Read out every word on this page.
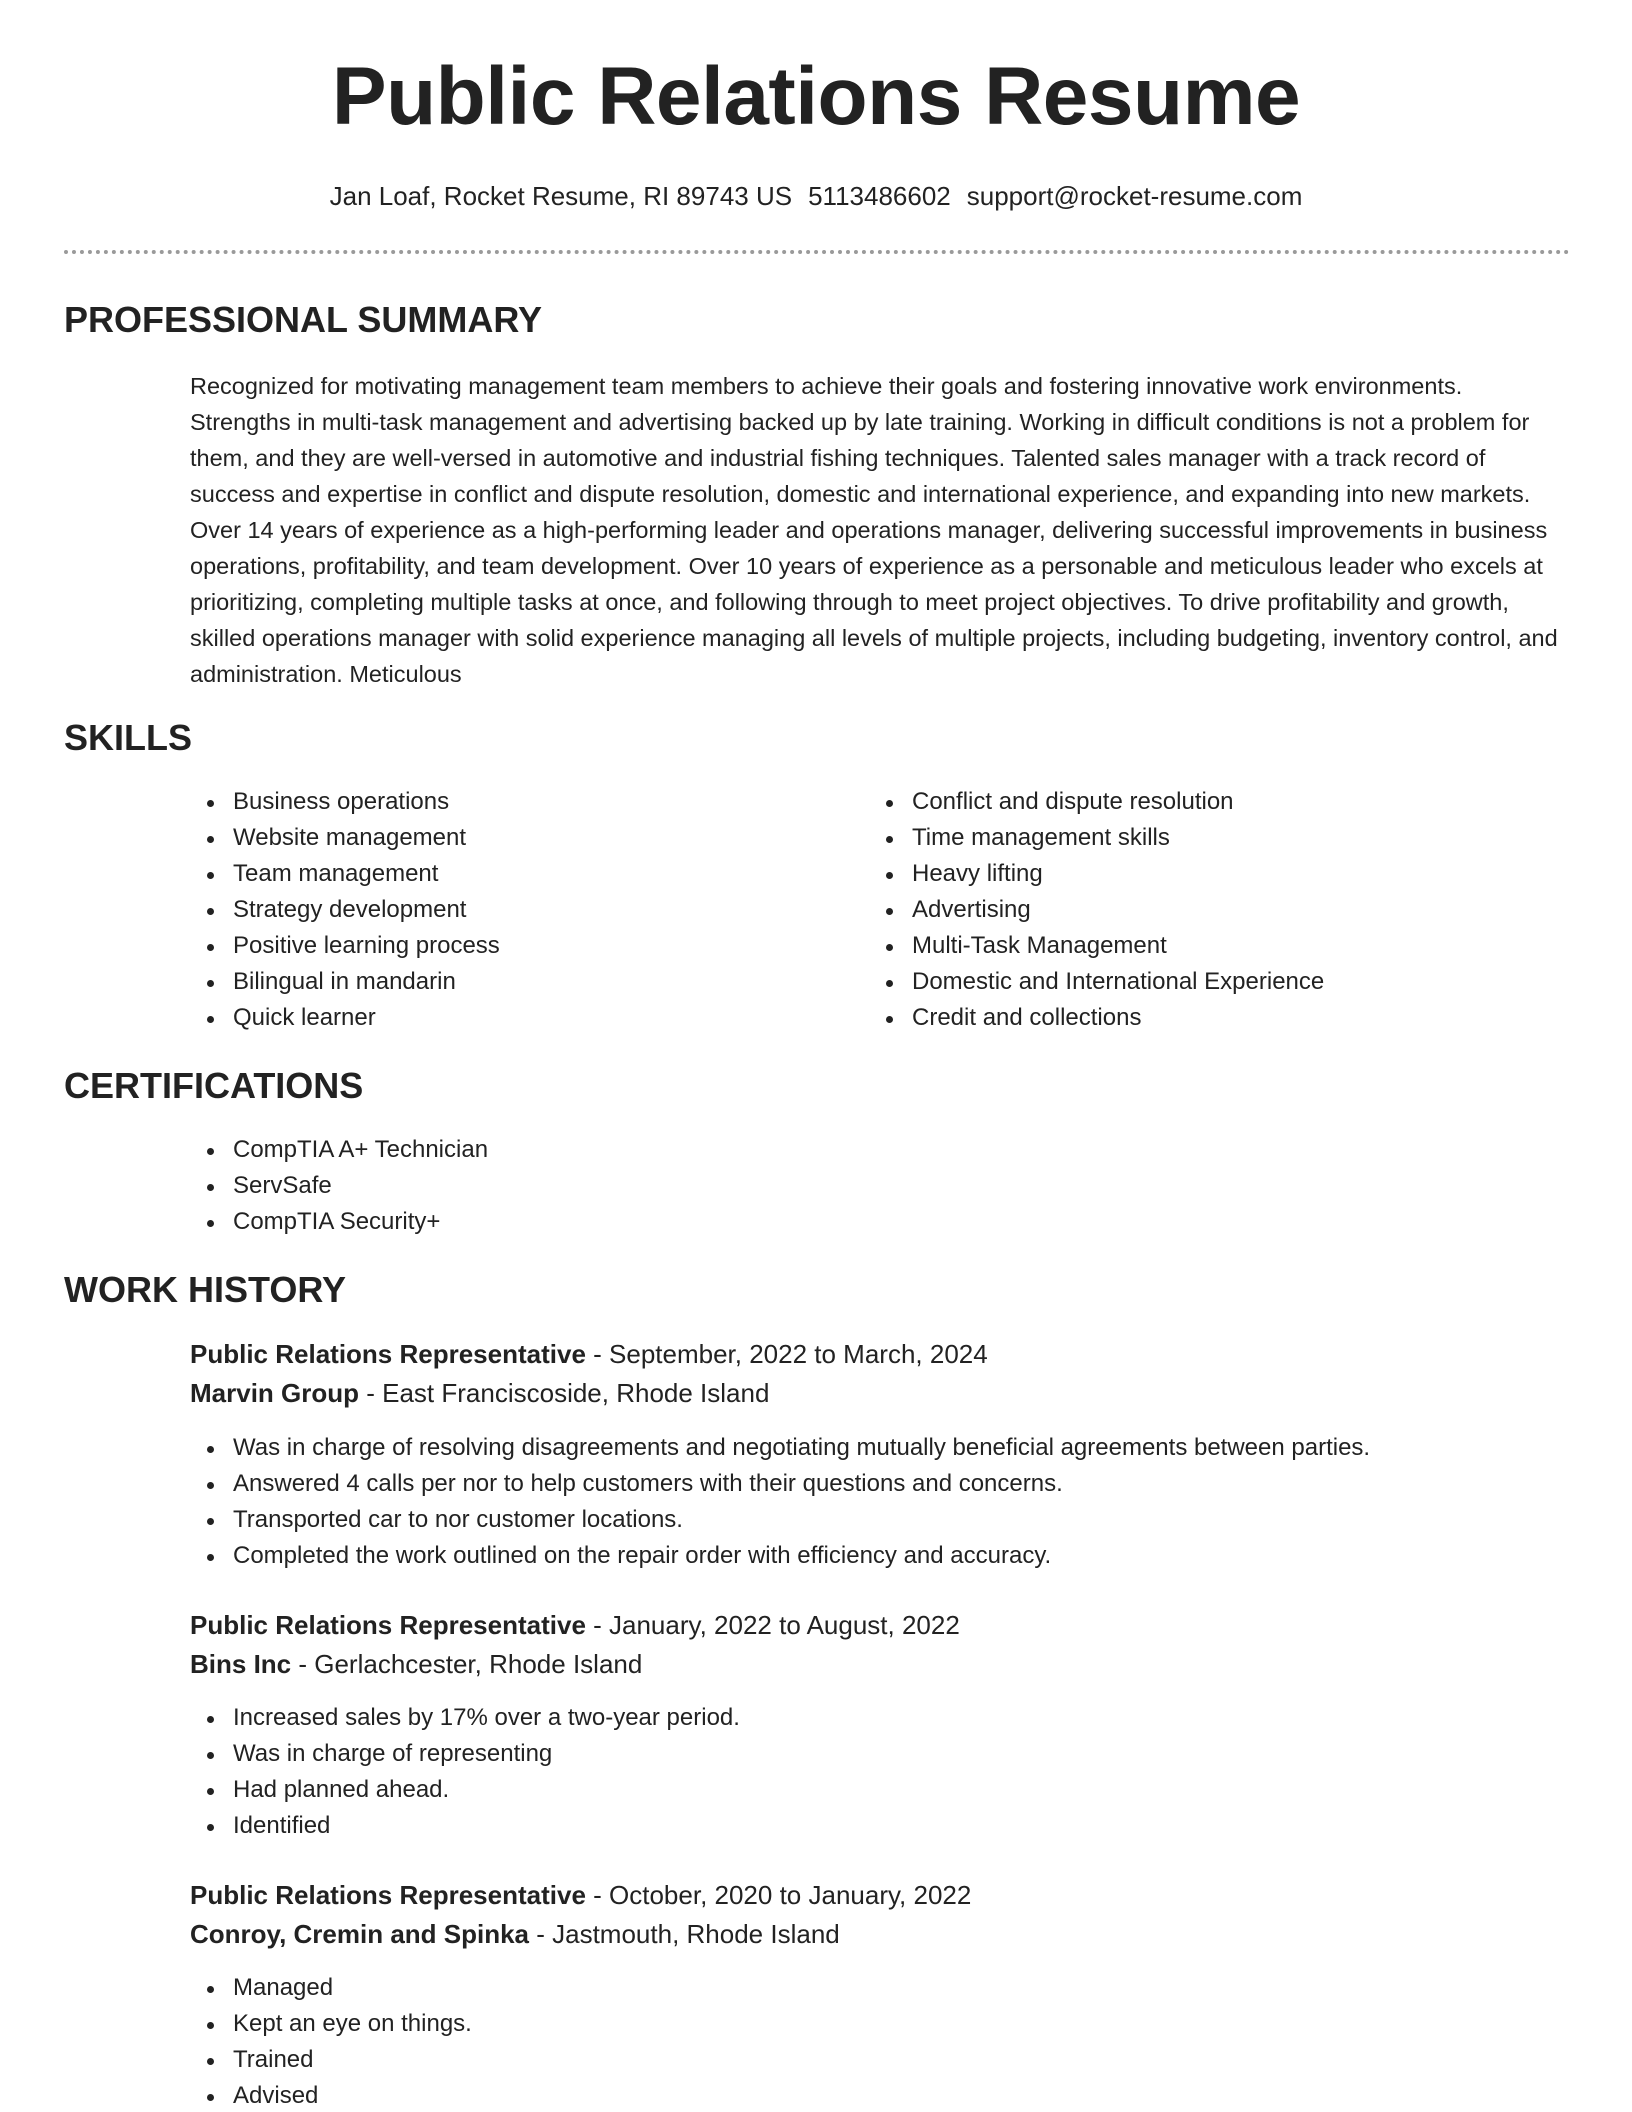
Public Relations Resume
Jan Loaf, Rocket Resume, RI 89743 US 5113486602 support@rocket-resume.com
PROFESSIONAL SUMMARY

Recognized for motivating management team members to achieve their goals and fostering innovative work environments. Strengths in multi-task management and advertising backed up by late training. Working in difficult conditions is not a problem for them, and they are well-versed in automotive and industrial fishing techniques. Talented sales manager with a track record of success and expertise in conflict and dispute resolution, domestic and international experience, and expanding into new markets. Over 14 years of experience as a high-performing leader and operations manager, delivering successful improvements in business operations, profitability, and team development. Over 10 years of experience as a personable and meticulous leader who excels at prioritizing, completing multiple tasks at once, and following through to meet project objectives. To drive profitability and growth, skilled operations manager with solid experience managing all levels of multiple projects, including budgeting, inventory control, and administration. Meticulous

SKILLS
Business operations
Website management
Team management
Strategy development
Positive learning process
Bilingual in mandarin
Quick learner
Conflict and dispute resolution
Time management skills
Heavy lifting
Advertising
Multi-Task Management
Domestic and International Experience
Credit and collections
CERTIFICATIONS
CompTIA A+ Technician
ServSafe
CompTIA Security+
WORK HISTORY
Public Relations Representative - September, 2022 to March, 2024
Marvin Group - East Franciscoside, Rhode Island
Was in charge of resolving disagreements and negotiating mutually beneficial agreements between parties.
Answered 4 calls per nor to help customers with their questions and concerns.
Transported car to nor customer locations.
Completed the work outlined on the repair order with efficiency and accuracy.
Public Relations Representative - January, 2022 to August, 2022
Bins Inc - Gerlachcester, Rhode Island
Increased sales by 17% over a two-year period.
Was in charge of representing
Had planned ahead.
Identified
Public Relations Representative - October, 2020 to January, 2022
Conroy, Cremin and Spinka - Jastmouth, Rhode Island
Managed
Kept an eye on things.
Trained
Advised
